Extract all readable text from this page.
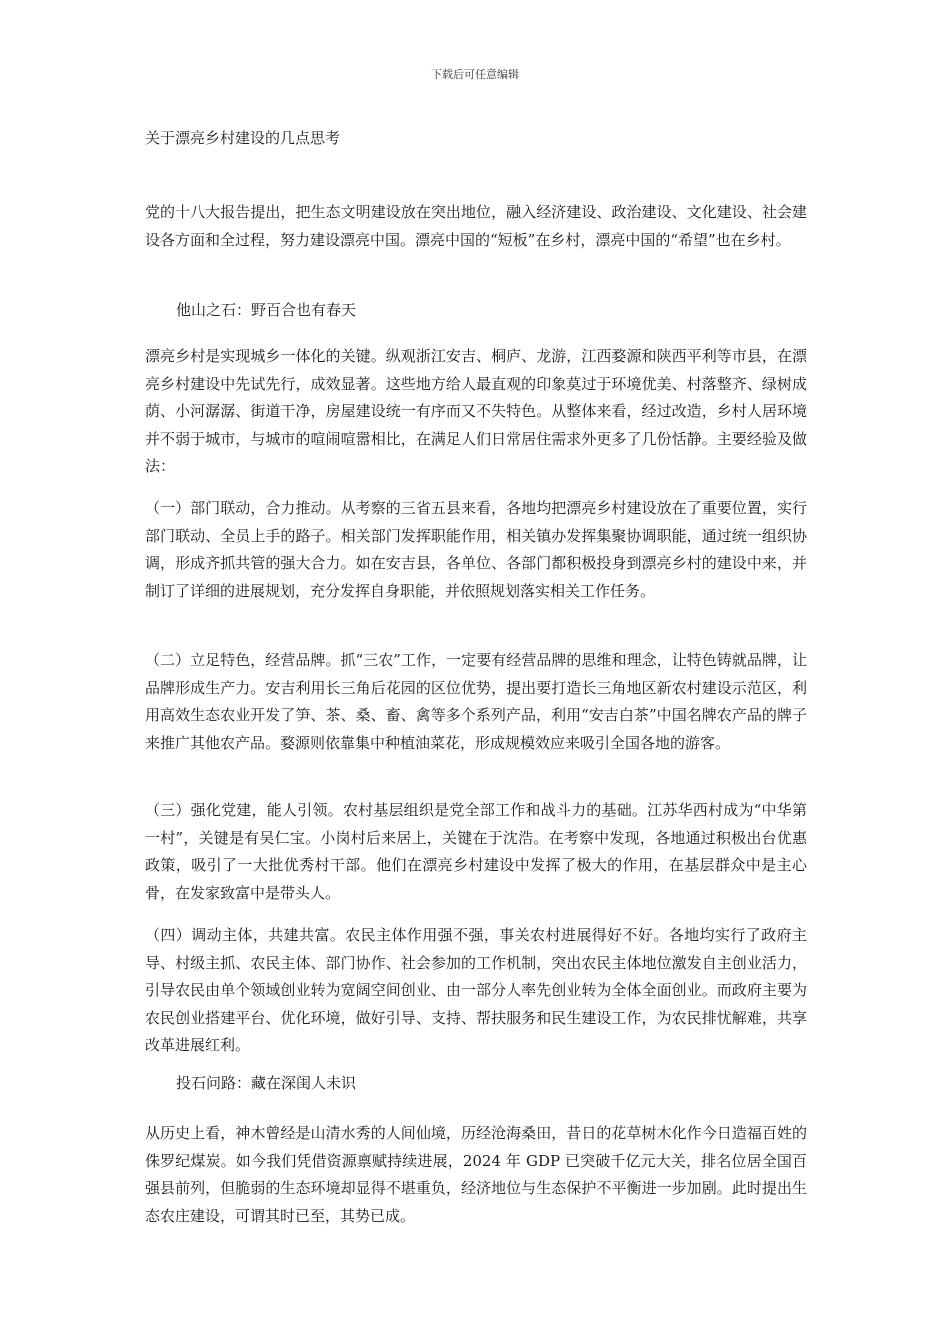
下载后可任意编辑
关于漂亮乡村建设的几点思考

党的十八大报告提出，把生态文明建设放在突出地位，融入经济建设、政治建设、文化建设、社会建设各方面和全过程，努力建设漂亮中国。漂亮中国的“短板”在乡村，漂亮中国的“希望”也在乡村。

他山之石：野百合也有春天

漂亮乡村是实现城乡一体化的关键。纵观浙江安吉、桐庐、龙游，江西婺源和陕西平利等市县，在漂亮乡村建设中先试先行，成效显著。这些地方给人最直观的印象莫过于环境优美、村落整齐、绿树成荫、小河潺潺、街道干净，房屋建设统一有序而又不失特色。从整体来看，经过改造，乡村人居环境并不弱于城市，与城市的喧闹喧嚣相比，在满足人们日常居住需求外更多了几份恬静。主要经验及做法：

（一）部门联动，合力推动。从考察的三省五县来看，各地均把漂亮乡村建设放在了重要位置，实行部门联动、全员上手的路子。相关部门发挥职能作用，相关镇办发挥集聚协调职能，通过统一组织协调，形成齐抓共管的强大合力。如在安吉县，各单位、各部门都积极投身到漂亮乡村的建设中来，并制订了详细的进展规划，充分发挥自身职能，并依照规划落实相关工作任务。

（二）立足特色，经营品牌。抓“三农”工作，一定要有经营品牌的思维和理念，让特色铸就品牌，让品牌形成生产力。安吉利用长三角后花园的区位优势，提出要打造长三角地区新农村建设示范区，利用高效生态农业开发了笋、茶、桑、畜、禽等多个系列产品，利用“安吉白茶”中国名牌农产品的牌子来推广其他农产品。婺源则依靠集中种植油菜花，形成规模效应来吸引全国各地的游客。

（三）强化党建，能人引领。农村基层组织是党全部工作和战斗力的基础。江苏华西村成为“中华第一村”，关键是有吴仁宝。小岗村后来居上，关键在于沈浩。在考察中发现，各地通过积极出台优惠政策，吸引了一大批优秀村干部。他们在漂亮乡村建设中发挥了极大的作用，在基层群众中是主心骨，在发家致富中是带头人。

（四）调动主体，共建共富。农民主体作用强不强，事关农村进展得好不好。各地均实行了政府主导、村级主抓、农民主体、部门协作、社会参加的工作机制，突出农民主体地位激发自主创业活力，引导农民由单个领域创业转为宽阔空间创业、由一部分人率先创业转为全体全面创业。而政府主要为农民创业搭建平台、优化环境，做好引导、支持、帮扶服务和民生建设工作，为农民排忧解难，共享改革进展红利。

投石问路：藏在深闺人未识

从历史上看，神木曾经是山清水秀的人间仙境，历经沧海桑田，昔日的花草树木化作今日造福百姓的侏罗纪煤炭。如今我们凭借资源禀赋持续进展，2024 年 GDP 已突破千亿元大关，排名位居全国百强县前列，但脆弱的生态环境却显得不堪重负，经济地位与生态保护不平衡进一步加剧。此时提出生态农庄建设，可谓其时已至，其势已成。
